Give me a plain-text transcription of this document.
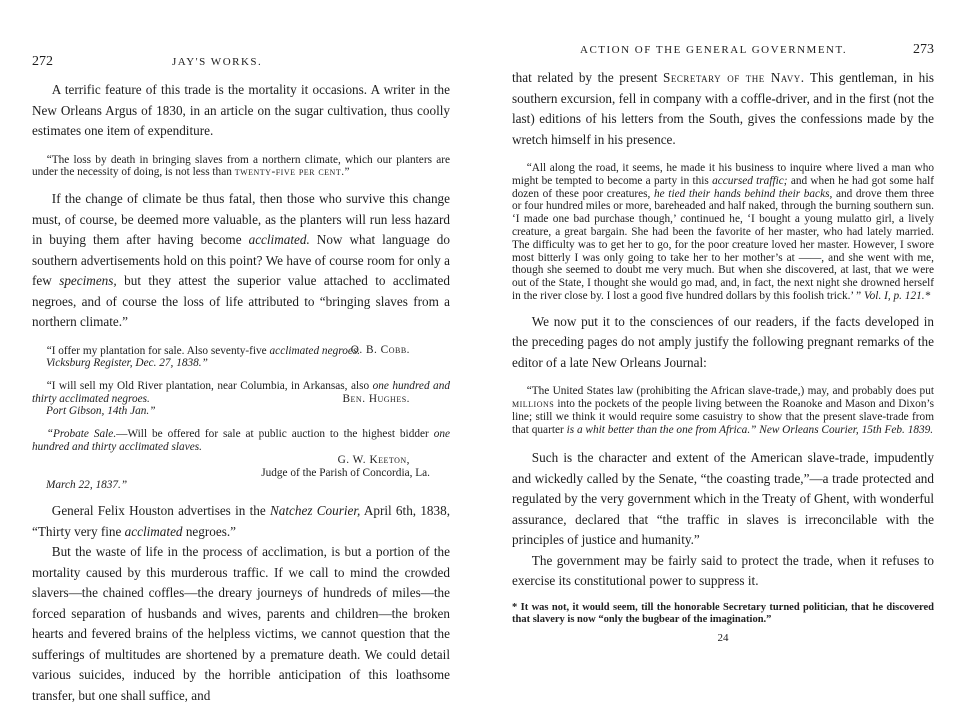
272	JAY'S WORKS.

A terrific feature of this trade is the mortality it occasions. A writer in the New Orleans Argus of 1830, in an article on the sugar cultivation, thus coolly estimates one item of expenditure.

“The loss by death in bringing slaves from a northern climate, which our planters are under the necessity of doing, is not less than twenty-five per cent.”

If the change of climate be thus fatal, then those who survive this change must, of course, be deemed more valuable, as the planters will run less hazard in buying them after having become acclimated. Now what language do southern advertisements hold on this point? We have of course room for only a few specimens, but they attest the superior value attached to acclimated negroes, and of course the loss of life attributed to “bringing slaves from a northern climate.”

“I offer my plantation for sale. Also seventy-five acclimated negroes.

O. B. Cobb.

Vicksburg Register, Dec. 27, 1838.”

“I will sell my Old River plantation, near Columbia, in Arkansas, also one hundred and thirty acclimated negroes.	Ben. Hughes.

Port Gibson, 14th Jan.”

“Probate Sale.—Will be offered for sale at public auction to the highest bidder one hundred and thirty acclimated slaves.

G. W. Keeton,

Judge of the Parish of Concordia, La.

March 22, 1837.”

General Felix Houston advertises in the Natchez Courier, April 6th, 1838, “Thirty very fine acclimated negroes.”

But the waste of life in the process of acclimation, is but a portion of the mortality caused by this murderous traffic. If we call to mind the crowded slavers—the chained coffles—the dreary journeys of hundreds of miles—the forced separation of husbands and wives, parents and children—the broken hearts and fevered brains of the helpless victims, we cannot question that the sufferings of multitudes are shortened by a premature death. We could detail various suicides, induced by the horrible anticipation of this loathsome transfer, but one shall suffice, and

ACTION OF THE GENERAL GOVERNMENT.	273

that related by the present Secretary of the Navy. This gentleman, in his southern excursion, fell in company with a coffle-driver, and in the first (not the last) editions of his letters from the South, gives the confessions made by the wretch himself in his presence.

“All along the road, it seems, he made it his business to inquire where lived a man who might be tempted to become a party in this accursed traffic; and when he had got some half dozen of these poor creatures, he tied their hands behind their backs, and drove them three or four hundred miles or more, bareheaded and half naked, through the burning southern sun. ‘I made one bad purchase though,’ continued he, ‘I bought a young mulatto girl, a lively creature, a great bargain. She had been the favorite of her master, who had lately married. The difficulty was to get her to go, for the poor creature loved her master. However, I swore most bitterly I was only going to take her to her mother’s at ——, and she went with me, though she seemed to doubt me very much. But when she discovered, at last, that we were out of the State, I thought she would go mad, and, in fact, the next night she drowned herself in the river close by. I lost a good five hundred dollars by this foolish trick.’ ” Vol. I, p. 121.*

We now put it to the consciences of our readers, if the facts developed in the preceding pages do not amply justify the following pregnant remarks of the editor of a late New Orleans Journal:

“The United States law (prohibiting the African slave-trade,) may, and probably does put millions into the pockets of the people living between the Roanoke and Mason and Dixon’s line; still we think it would require some casuistry to show that the present slave-trade from that quarter is a whit better than the one from Africa.” New Orleans Courier, 15th Feb. 1839.

Such is the character and extent of the American slave-trade, impudently and wickedly called by the Senate, “the coasting trade,”—a trade protected and regulated by the very government which in the Treaty of Ghent, with wonderful assurance, declared that “the traffic in slaves is irreconcilable with the principles of justice and humanity.”

The government may be fairly said to protect the trade, when it refuses to exercise its constitutional power to suppress it.

* It was not, it would seem, till the honorable Secretary turned politician, that he discovered that slavery is now “only the bugbear of the imagination.”

24
